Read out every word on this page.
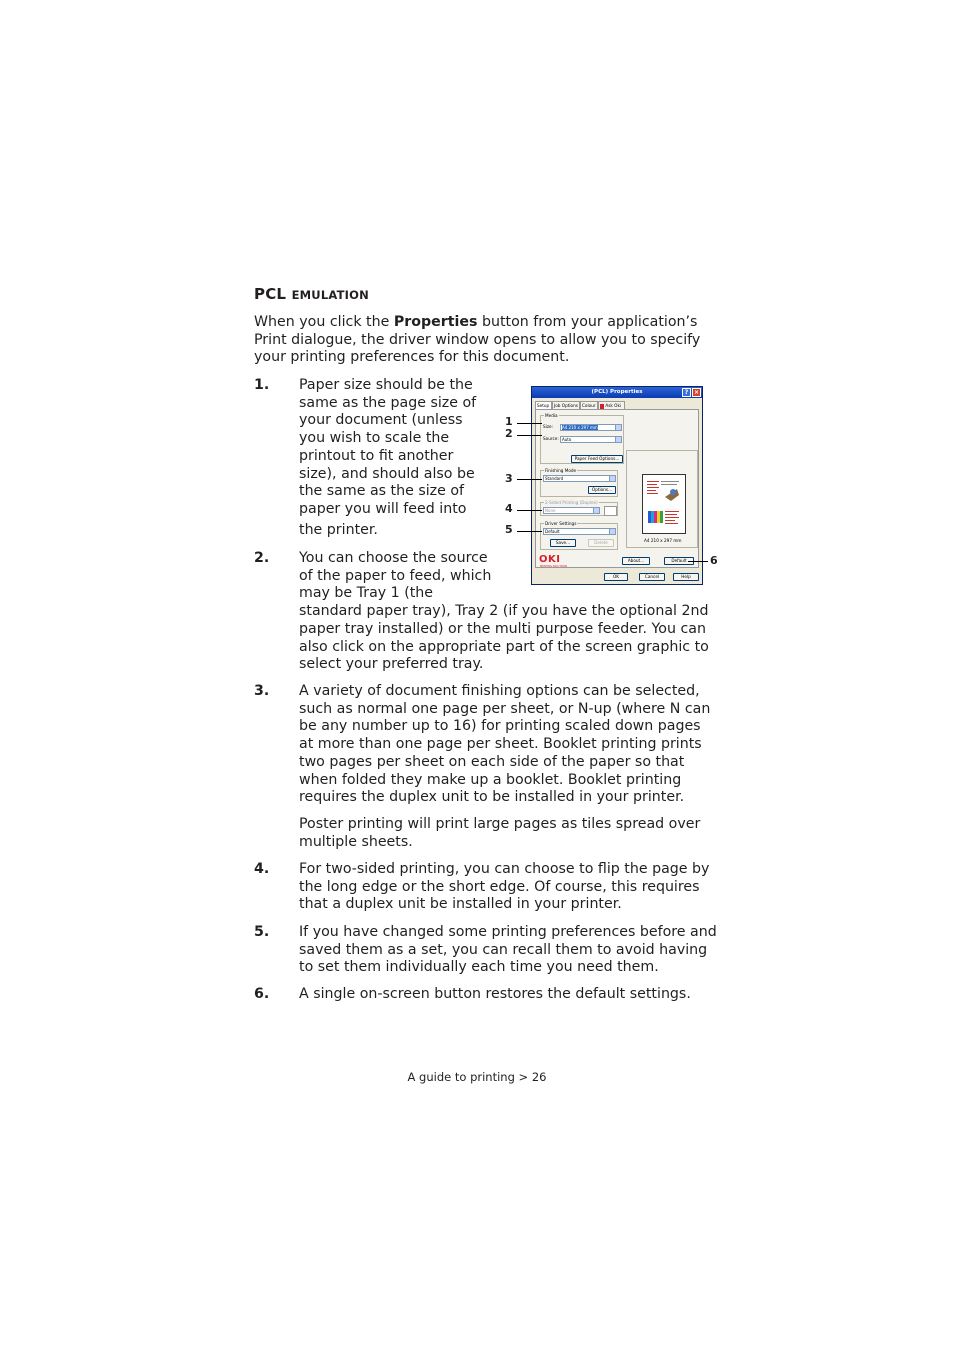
PCL EMULATION
When you click the Properties button from your application’s
Print dialogue, the driver window opens to allow you to specify
your printing preferences for this document.
1. Paper size should be the
same as the page size of
your document (unless
you wish to scale the
printout to fit another
size), and should also be
the same as the size of
paper you will feed into
the printer.
2. You can choose the source
of the paper to feed, which
may be Tray 1 (the
standard paper tray), Tray 2 (if you have the optional 2nd
paper tray installed) or the multi purpose feeder. You can
also click on the appropriate part of the screen graphic to
select your preferred tray.
3. A variety of document finishing options can be selected,
such as normal one page per sheet, or N-up (where N can
be any number up to 16) for printing scaled down pages
at more than one page per sheet. Booklet printing prints
two pages per sheet on each side of the paper so that
when folded they make up a booklet. Booklet printing
requires the duplex unit to be installed in your printer.
Poster printing will print large pages as tiles spread over
multiple sheets.
4. For two-sided printing, you can choose to flip the page by
the long edge or the short edge. Of course, this requires
that a duplex unit be installed in your printer.
5. If you have changed some printing preferences before and
saved them as a set, you can recall them to avoid having
to set them individually each time you need them.
6. A single on-screen button restores the default settings.
(PCL) Properties	? ×
Setup	Job Options Colour	Ask Oki
Media
Size:	A4 210 x 297 mm
Source: Auto
Paper Feed Options...
Finishing Mode
Standard
Options...
2-Sided Printing (Duplex)
None
Driver Settings
Default
Save...	Delete	A4 210 x 297 mm
OKI
PRINTING SOLUTIONS
About...	Default
OK	Cancel	Help
1
2
3
4
5
6
A guide to printing > 26
